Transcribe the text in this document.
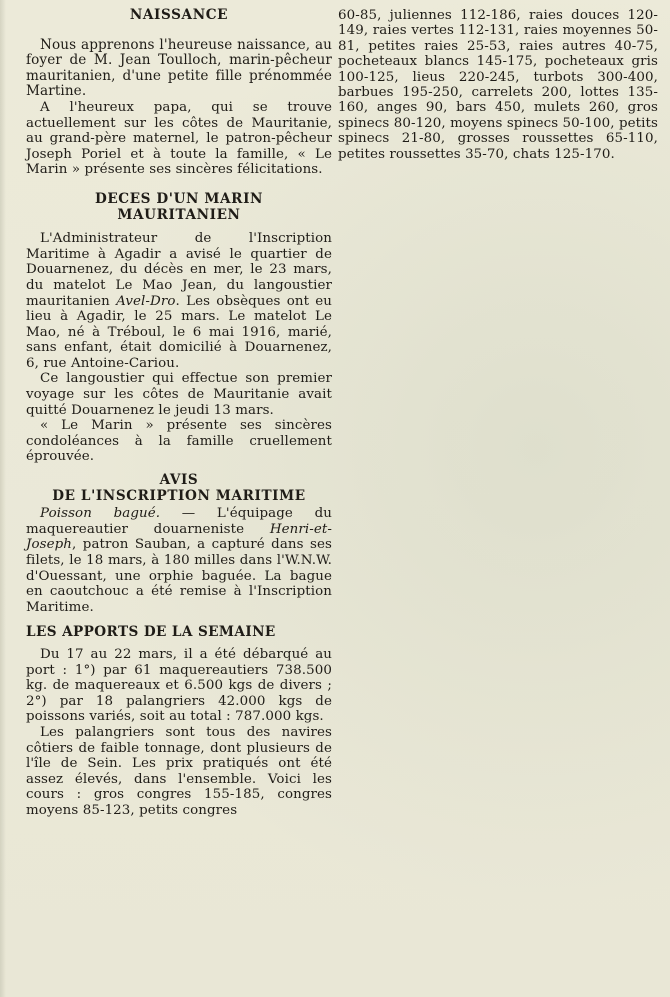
NAISSANCE

Nous apprenons l'heureuse naissance, au foyer de M. Jean Toulloch, marin-pêcheur mauritanien, d'une petite fille prénommée Martine.

A l'heureux papa, qui se trouve actuellement sur les côtes de Mauritanie, au grand-père maternel, le patron-pêcheur Joseph Poriel et à toute la famille, « Le Marin » présente ses sincères félicitations.

DECES D'UN MARIN
MAURITANIEN

L'Administrateur de l'Inscription Maritime à Agadir a avisé le quartier de Douarnenez, du décès en mer, le 23 mars, du matelot Le Mao Jean, du langoustier mauritanien Avel-Dro. Les obsèques ont eu lieu à Agadir, le 25 mars. Le matelot Le Mao, né à Tréboul, le 6 mai 1916, marié, sans enfant, était domicilié à Douarnenez, 6, rue Antoine-Cariou.

Ce langoustier qui effectue son premier voyage sur les côtes de Mauritanie avait quitté Douarnenez le jeudi 13 mars.

« Le Marin » présente ses sincères condoléances à la famille cruellement éprouvée.

AVIS
DE L'INSCRIPTION MARITIME

Poisson bagué. — L'équipage du maquereautier douarneniste Henri-et-Joseph, patron Sauban, a capturé dans ses filets, le 18 mars, à 180 milles dans l'W.N.W. d'Ouessant, une orphie baguée. La bague en caoutchouc a été remise à l'Inscription Maritime.

LES APPORTS DE LA SEMAINE

Du 17 au 22 mars, il a été débarqué au port : 1°) par 61 maquereautiers 738.500 kg. de maquereaux et 6.500 kgs de divers ; 2°) par 18 palangriers 42.000 kgs de poissons variés, soit au total : 787.000 kgs.

Les palangriers sont tous des navires côtiers de faible tonnage, dont plusieurs de l'île de Sein. Les prix pratiqués ont été assez élevés, dans l'ensemble. Voici les cours : gros congres 155-185, congres moyens 85-123, petits congres

60-85, juliennes 112-186, raies douces 120-149, raies vertes 112-131, raies moyennes 50-81, petites raies 25-53, raies autres 40-75, pocheteaux blancs 145-175, pocheteaux gris 100-125, lieus 220-245, turbots 300-400, barbues 195-250, carrelets 200, lottes 135-160, anges 90, bars 450, mulets 260, gros spinecs 80-120, moyens spinecs 50-100, petits spinecs 21-80, grosses roussettes 65-110, petites roussettes 35-70, chats 125-170.
